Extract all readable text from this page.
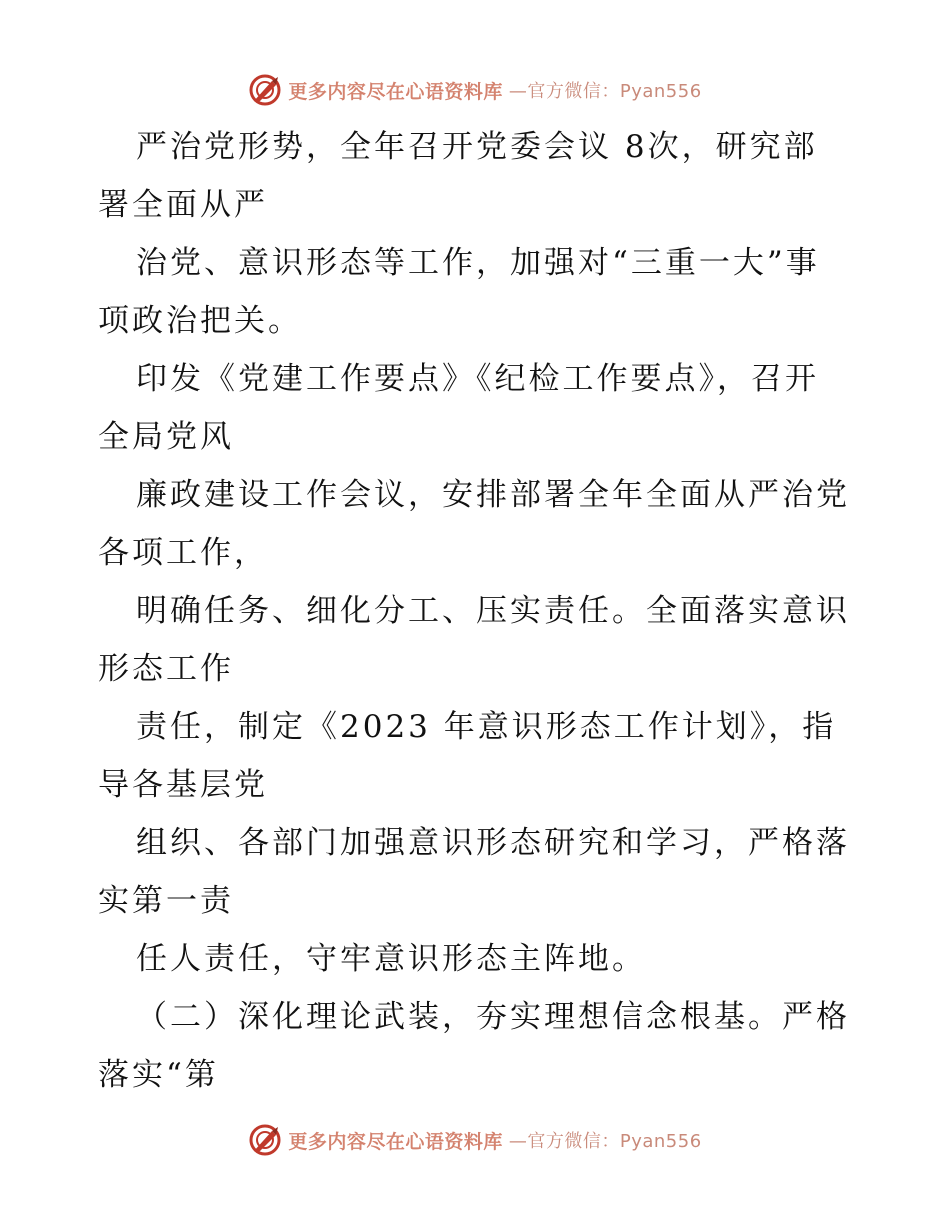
更多内容尽在心语资料库 —官方微信：Pyan556
严治党形势，全年召开党委会议 8次，研究部
署全面从严
治党、意识形态等工作，加强对“三重一大”事
项政治把关。
印发《党建工作要点》《纪检工作要点》，召开
全局党风
廉政建设工作会议，安排部署全年全面从严治党
各项工作，
明确任务、细化分工、压实责任。全面落实意识
形态工作
责任，制定《2023 年意识形态工作计划》，指
导各基层党
组织、各部门加强意识形态研究和学习，严格落
实第一责
任人责任，守牢意识形态主阵地。
（二）深化理论武装，夯实理想信念根基。严格
落实“第
更多内容尽在心语资料库 —官方微信：Pyan556
